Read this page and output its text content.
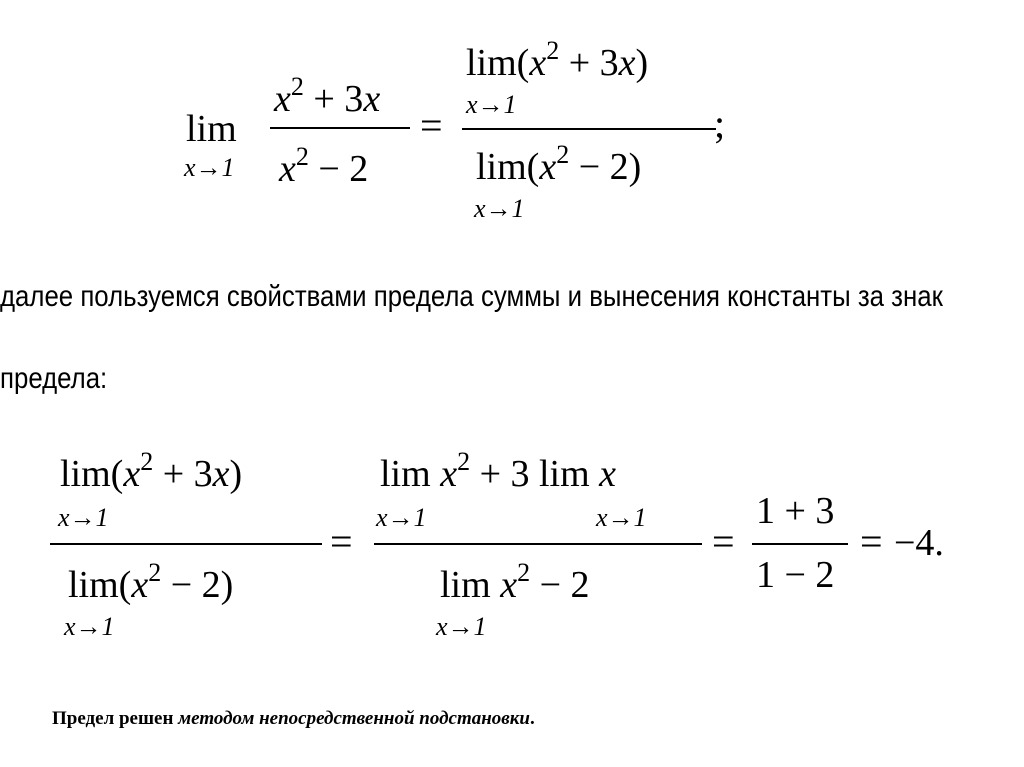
lim
x→1
$x^2 + 3x$
$x^2 - 2$
=
$\lim(x^2 + 3x)$
x→1
$\lim(x^2 - 2)$
x→1
;
далее пользуемся свойствами предела суммы и вынесения константы за знак
предела:
$\lim(x^2 + 3x)$
x→1
$\lim(x^2 - 2)$
x→1
=
$\lim x^2 + 3$ lim x
x→1	x→1
$\lim x^2 - 2$
x→1
=
1 + 3
1 − 2
= −4.
Предел решен методом непосредственной подстановки.
